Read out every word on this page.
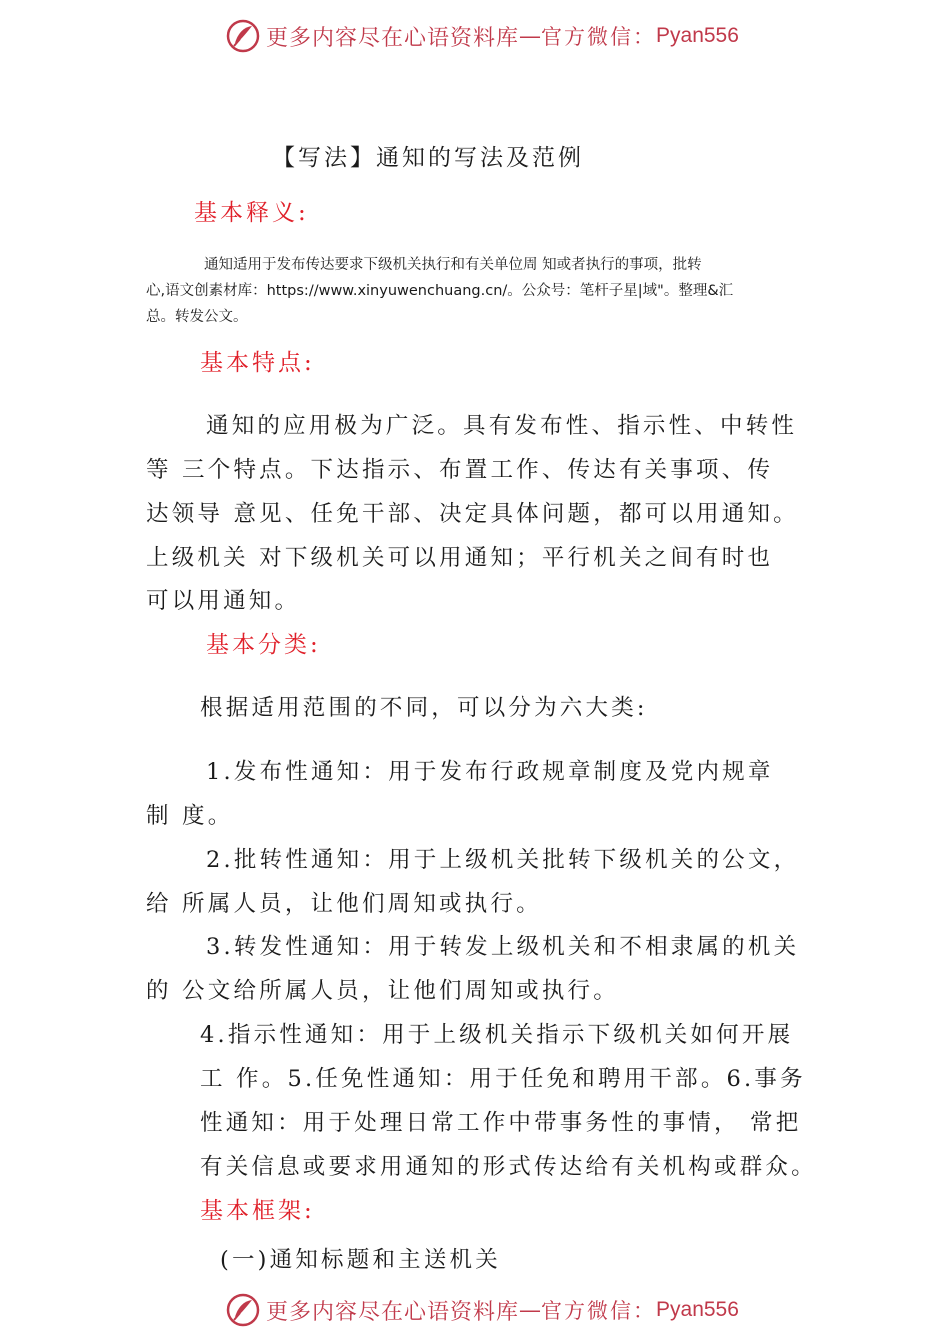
更多内容尽在心语资料库 — 官方微信： Pyan556
【写法】通知的写法及范例
基本释义:
通知适用于发布传达要求下级机关执行和有关单位周 知或者执行的事项，批转
心,语文创素材库：https://www.xinyuwenchuang.cn/。公众号：笔杆子星|域"。整理&汇
总。转发公文。
基本特点:
通知的应用极为广泛。具有发布性、指示性、中转性
等 三个特点。下达指示、布置工作、传达有关事项、传
达领导 意见、任免干部、决定具体问题，都可以用通知。
上级机关 对下级机关可以用通知；平行机关之间有时也
可以用通知。
基本分类:
根据适用范围的不同，可以分为六大类:
1.发布性通知：用于发布行政规章制度及党内规章
制 度。
2.批转性通知：用于上级机关批转下级机关的公文，
给 所属人员，让他们周知或执行。
3.转发性通知：用于转发上级机关和不相隶属的机关
的 公文给所属人员，让他们周知或执行。
4.指示性通知：用于上级机关指示下级机关如何开展
工 作。5.任免性通知：用于任免和聘用干部。6.事务
性通知：用于处理日常工作中带事务性的事情， 常把
有关信息或要求用通知的形式传达给有关机构或群众。
基本框架:
(一)通知标题和主送机关
更多内容尽在心语资料库 — 官方微信： Pyan556
